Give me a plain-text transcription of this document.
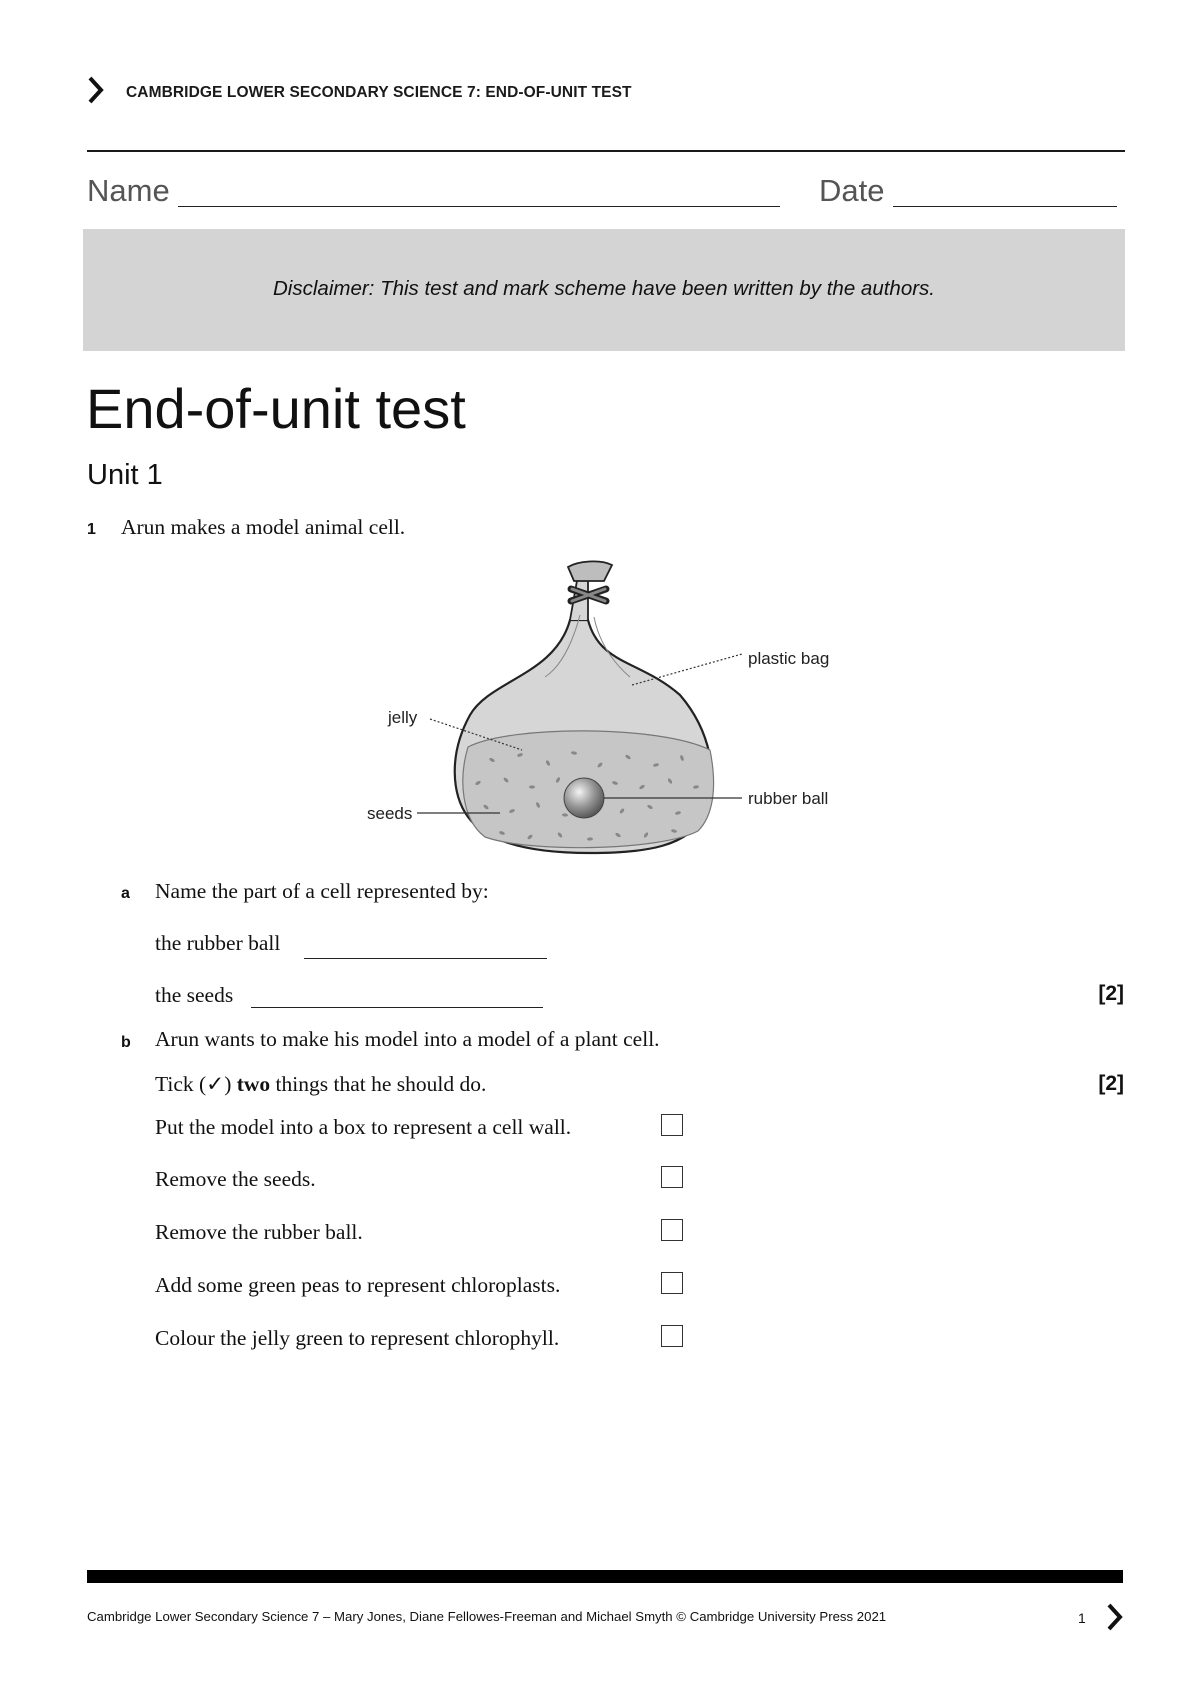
CAMBRIDGE LOWER SECONDARY SCIENCE 7: END-OF-UNIT TEST
Name	Date
Disclaimer: This test and mark scheme have been written by the authors.
End-of-unit test
Unit 1
1 Arun makes a model animal cell.
plastic bag
jelly
seeds
rubber ball
a Name the part of a cell represented by:
the rubber ball
the seeds	[2]
b Arun wants to make his model into a model of a plant cell.
Tick (✓) two things that he should do.	[2]
Put the model into a box to represent a cell wall.
Remove the seeds.
Remove the rubber ball.
Add some green peas to represent chloroplasts.
Colour the jelly green to represent chlorophyll.
Cambridge Lower Secondary Science 7 – Mary Jones, Diane Fellowes-Freeman and Michael Smyth © Cambridge University Press 2021	1
